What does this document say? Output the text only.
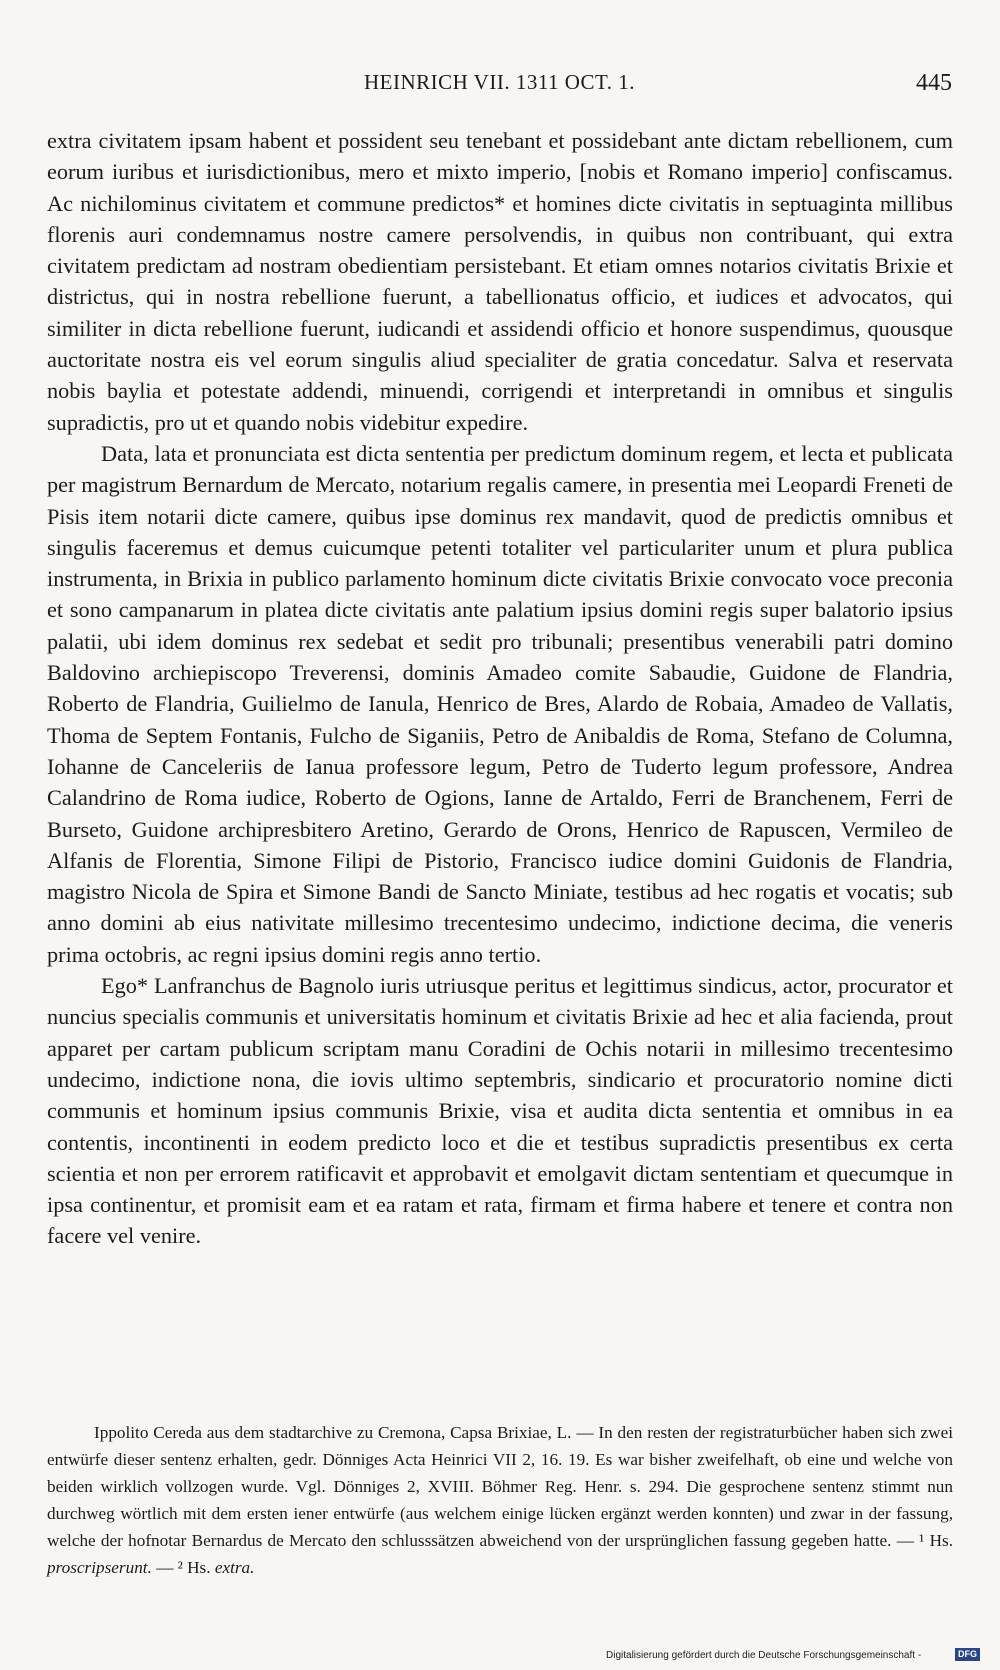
HEINRICH VII. 1311 OCT. 1.	445

extra civitatem ipsam habent et possident seu tenebant et possidebant ante dictam rebellionem, cum eorum iuribus et iurisdictionibus, mero et mixto imperio, [nobis et Romano imperio] confiscamus. Ac nichilominus civitatem et commune predictos* et homines dicte civitatis in septuaginta millibus florenis auri condemnamus nostre camere persolvendis, in quibus non contribuant, qui extra civitatem predictam ad nostram obedientiam persistebant. Et etiam omnes notarios civitatis Brixie et districtus, qui in nostra rebellione fuerunt, a tabellionatus officio, et iudices et advocatos, qui similiter in dicta rebellione fuerunt, iudicandi et assidendi officio et honore suspendimus, quousque auctoritate nostra eis vel eorum singulis aliud specialiter de gratia concedatur. Salva et reservata nobis baylia et potestate addendi, minuendi, corrigendi et interpretandi in omnibus et singulis supradictis, pro ut et quando nobis videbitur expedire.

Data, lata et pronunciata est dicta sententia per predictum dominum regem, et lecta et publicata per magistrum Bernardum de Mercato, notarium regalis camere, in presentia mei Leopardi Freneti de Pisis item notarii dicte camere, quibus ipse dominus rex mandavit, quod de predictis omnibus et singulis faceremus et demus cuicumque petenti totaliter vel particulariter unum et plura publica instrumenta, in Brixia in publico parlamento hominum dicte civitatis Brixie convocato voce preconia et sono campanarum in platea dicte civitatis ante palatium ipsius domini regis super balatorio ipsius palatii, ubi idem dominus rex sedebat et sedit pro tribunali; presentibus venerabili patri domino Baldovino archiepiscopo Treverensi, dominis Amadeo comite Sabaudie, Guidone de Flandria, Roberto de Flandria, Guilielmo de Ianula, Henrico de Bres, Alardo de Robaia, Amadeo de Vallatis, Thoma de Septem Fontanis, Fulcho de Siganiis, Petro de Anibaldis de Roma, Stefano de Columna, Iohanne de Canceleriis de Ianua professore legum, Petro de Tuderto legum professore, Andrea Calandrino de Roma iudice, Roberto de Ogions, Ianne de Artaldo, Ferri de Branchenem, Ferri de Burseto, Guidone archipresbitero Aretino, Gerardo de Orons, Henrico de Rapuscen, Vermileo de Alfanis de Florentia, Simone Filipi de Pistorio, Francisco iudice domini Guidonis de Flandria, magistro Nicola de Spira et Simone Bandi de Sancto Miniate, testibus ad hec rogatis et vocatis; sub anno domini ab eius nativitate millesimo trecentesimo undecimo, indictione decima, die veneris prima octobris, ac regni ipsius domini regis anno tertio.

Ego* Lanfranchus de Bagnolo iuris utriusque peritus et legittimus sindicus, actor, procurator et nuncius specialis communis et universitatis hominum et civitatis Brixie ad hec et alia facienda, prout apparet per cartam publicum scriptam manu Coradini de Ochis notarii in millesimo trecentesimo undecimo, indictione nona, die iovis ultimo septembris, sindicario et procuratorio nomine dicti communis et hominum ipsius communis Brixie, visa et audita dicta sententia et omnibus in ea contentis, incontinenti in eodem predicto loco et die et testibus supradictis presentibus ex certa scientia et non per errorem ratificavit et approbavit et emolgavit dictam sententiam et quecumque in ipsa continentur, et promisit eam et ea ratam et rata, firmam et firma habere et tenere et contra non facere vel venire.

Ippolito Cereda aus dem stadtarchive zu Cremona, Capsa Brixiae, L. — In den resten der registraturbücher haben sich zwei entwürfe dieser sentenz erhalten, gedr. Dönniges Acta Heinrici VII 2, 16. 19. Es war bisher zweifelhaft, ob eine und welche von beiden wirklich vollzogen wurde. Vgl. Dönniges 2, XVIII. Böhmer Reg. Henr. s. 294. Die gesprochene sentenz stimmt nun durchweg wörtlich mit dem ersten iener entwürfe (aus welchem einige lücken ergänzt werden konnten) und zwar in der fassung, welche der hofnotar Bernardus de Mercato den schlusssätzen abweichend von der ursprünglichen fassung gegeben hatte. — ¹ Hs. proscripserunt. — ² Hs. extra.

Digitalisierung gefördert durch die Deutsche Forschungsgemeinschaft -	DFG
